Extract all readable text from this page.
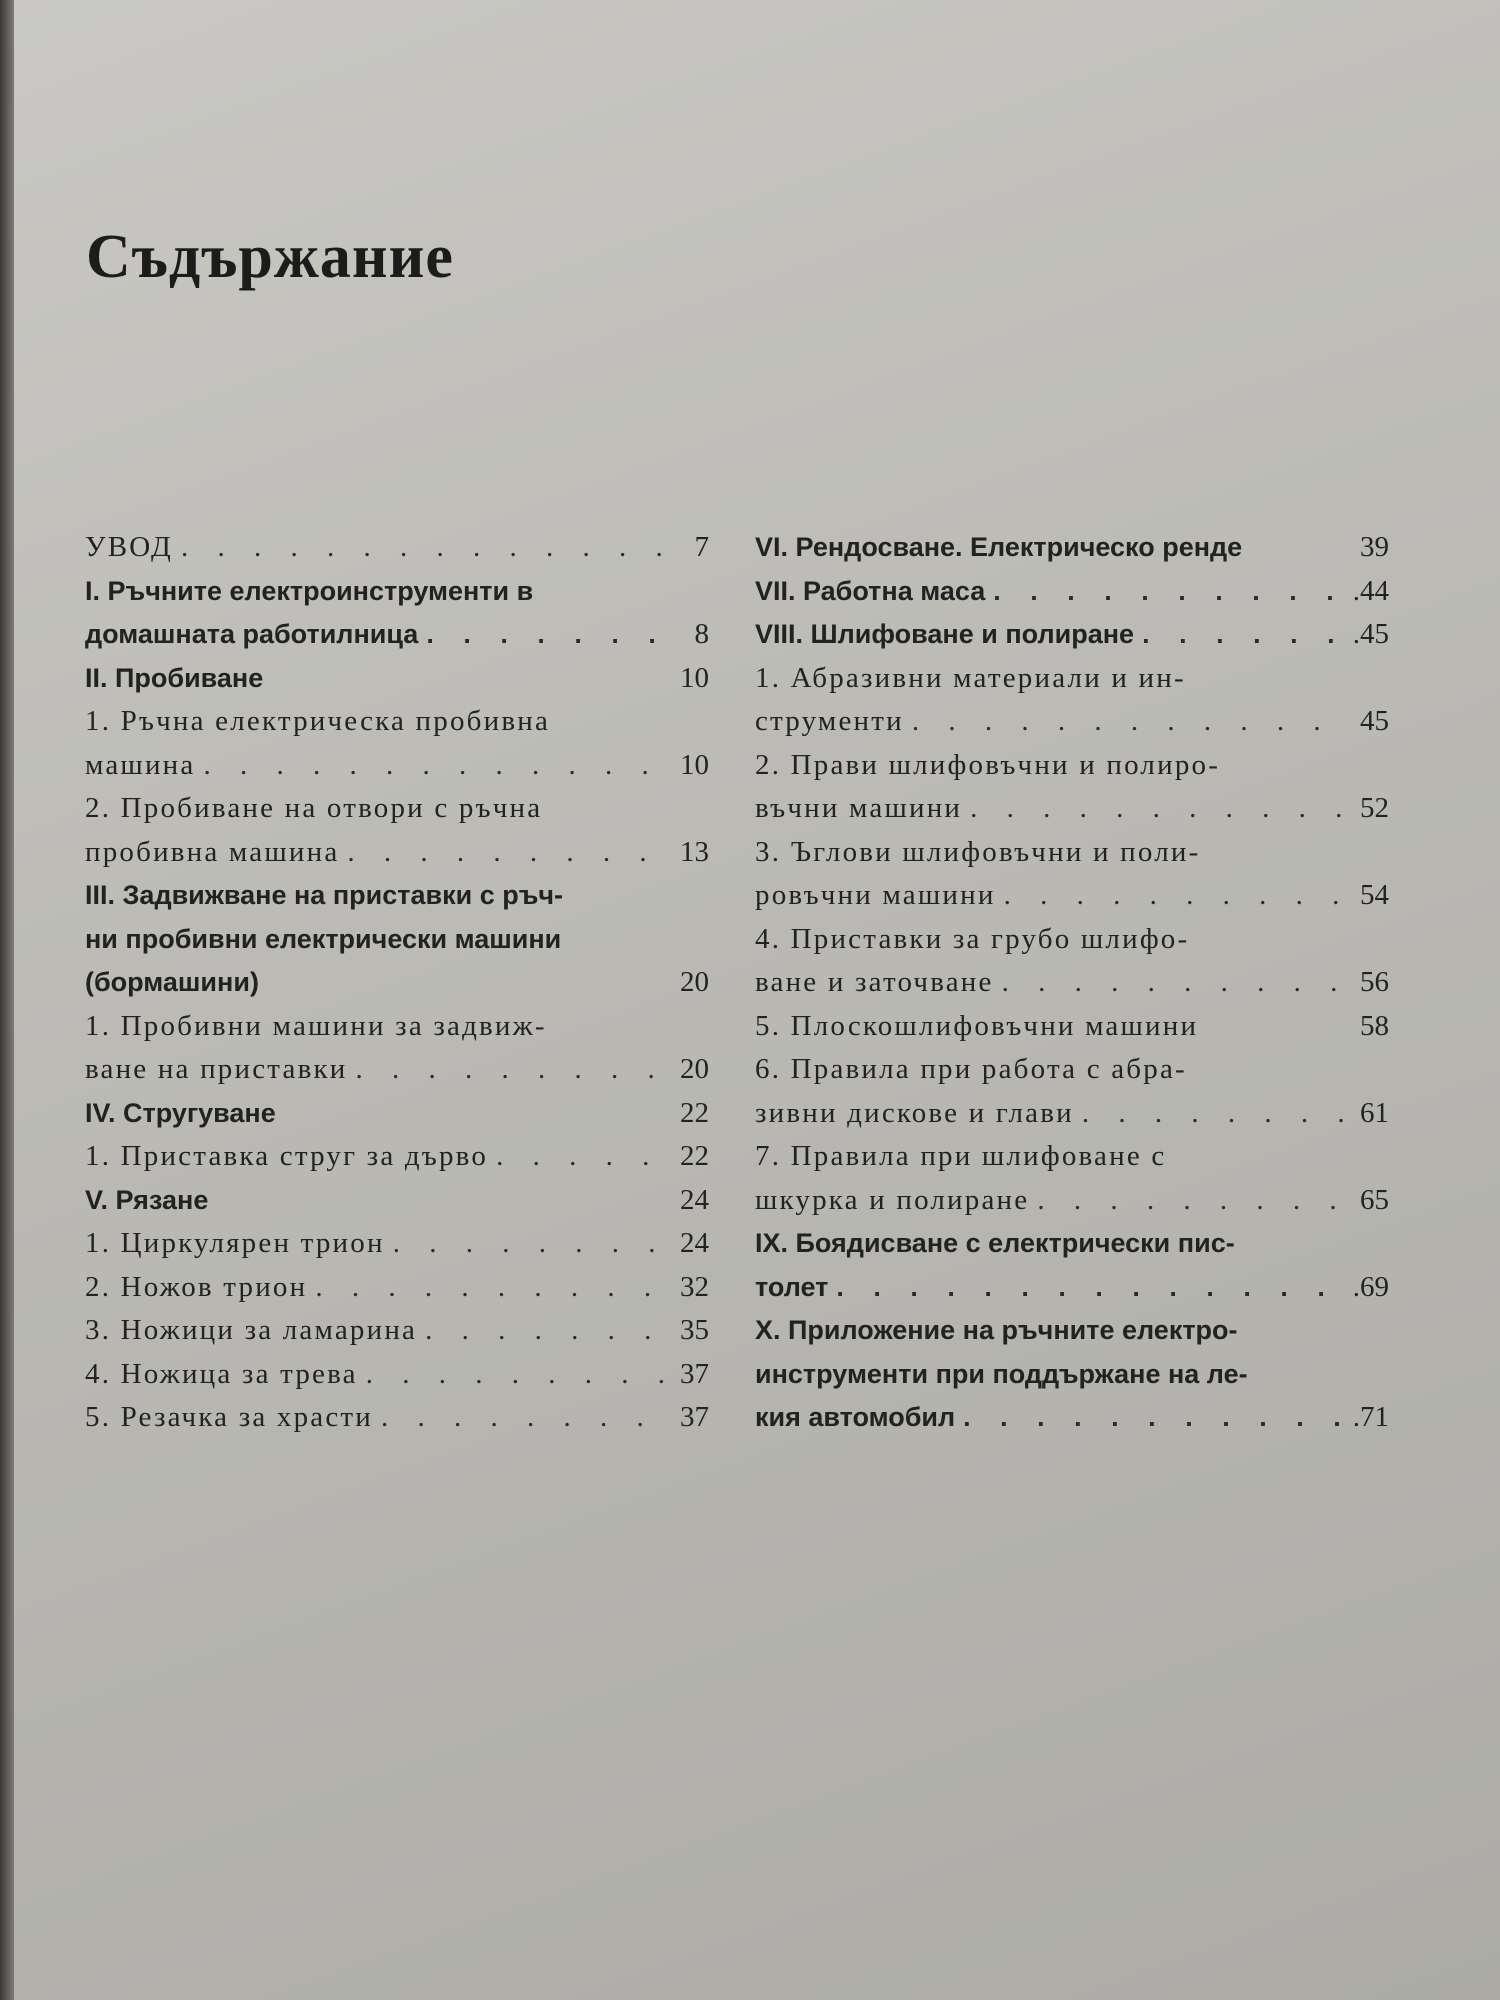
Съдържание
УВОД . . .	7
I. Ръчните електроинструменти в
домашната работилница . . .	8
II. Пробиване	10
1. Ръчна електрическа пробивна
машина . . .	10
2. Пробиване на отвори с ръчна
пробивна машина . . .	13
III. Задвижване на приставки с ръч-
ни пробивни електрически машини
(бормашини)	20
1. Пробивни машини за задвиж-
ване на приставки . . .	20
IV. Стругуване	22
1. Приставка струг за дърво . . .	22
V. Рязане	24
1. Циркулярен трион . . .	24
2. Ножов трион . . .	32
3. Ножици за ламарина . . .	35
4. Ножица за трева . . .	37
5. Резачка за храсти . . .	37
VI. Рендосване. Електрическо ренде	39
VII. Работна маса . . .	.44
VIII. Шлифоване и полиране . . .	.45
1. Абразивни материали и ин-
струменти . . .	45
2. Прави шлифовъчни и полиро-
въчни машини . . .	52
3. Ъглови шлифовъчни и поли-
ровъчни машини . . .	54
4. Приставки за грубо шлифо-
ване и заточване . . .	56
5. Плоскошлифовъчни машини	58
6. Правила при работа с абра-
зивни дискове и глави . . .	61
7. Правила при шлифоване с
шкурка и полиране . . .	65
IX. Боядисване с електрически пис-
толет . . .	.69
X. Приложение на ръчните електро-
инструменти при поддържане на ле-
кия автомобил . . .	.71
